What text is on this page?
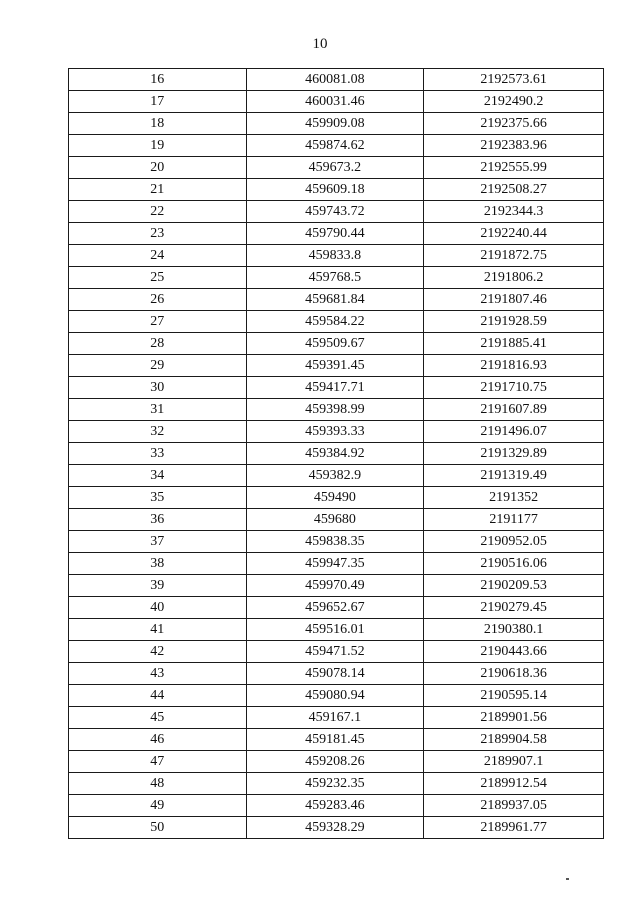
10
16	460081.08	2192573.61
17	460031.46	2192490.2
18	459909.08	2192375.66
19	459874.62	2192383.96
20	459673.2	2192555.99
21	459609.18	2192508.27
22	459743.72	2192344.3
23	459790.44	2192240.44
24	459833.8	2191872.75
25	459768.5	2191806.2
26	459681.84	2191807.46
27	459584.22	2191928.59
28	459509.67	2191885.41
29	459391.45	2191816.93
30	459417.71	2191710.75
31	459398.99	2191607.89
32	459393.33	2191496.07
33	459384.92	2191329.89
34	459382.9	2191319.49
35	459490	2191352
36	459680	2191177
37	459838.35	2190952.05
38	459947.35	2190516.06
39	459970.49	2190209.53
40	459652.67	2190279.45
41	459516.01	2190380.1
42	459471.52	2190443.66
43	459078.14	2190618.36
44	459080.94	2190595.14
45	459167.1	2189901.56
46	459181.45	2189904.58
47	459208.26	2189907.1
48	459232.35	2189912.54
49	459283.46	2189937.05
50	459328.29	2189961.77
